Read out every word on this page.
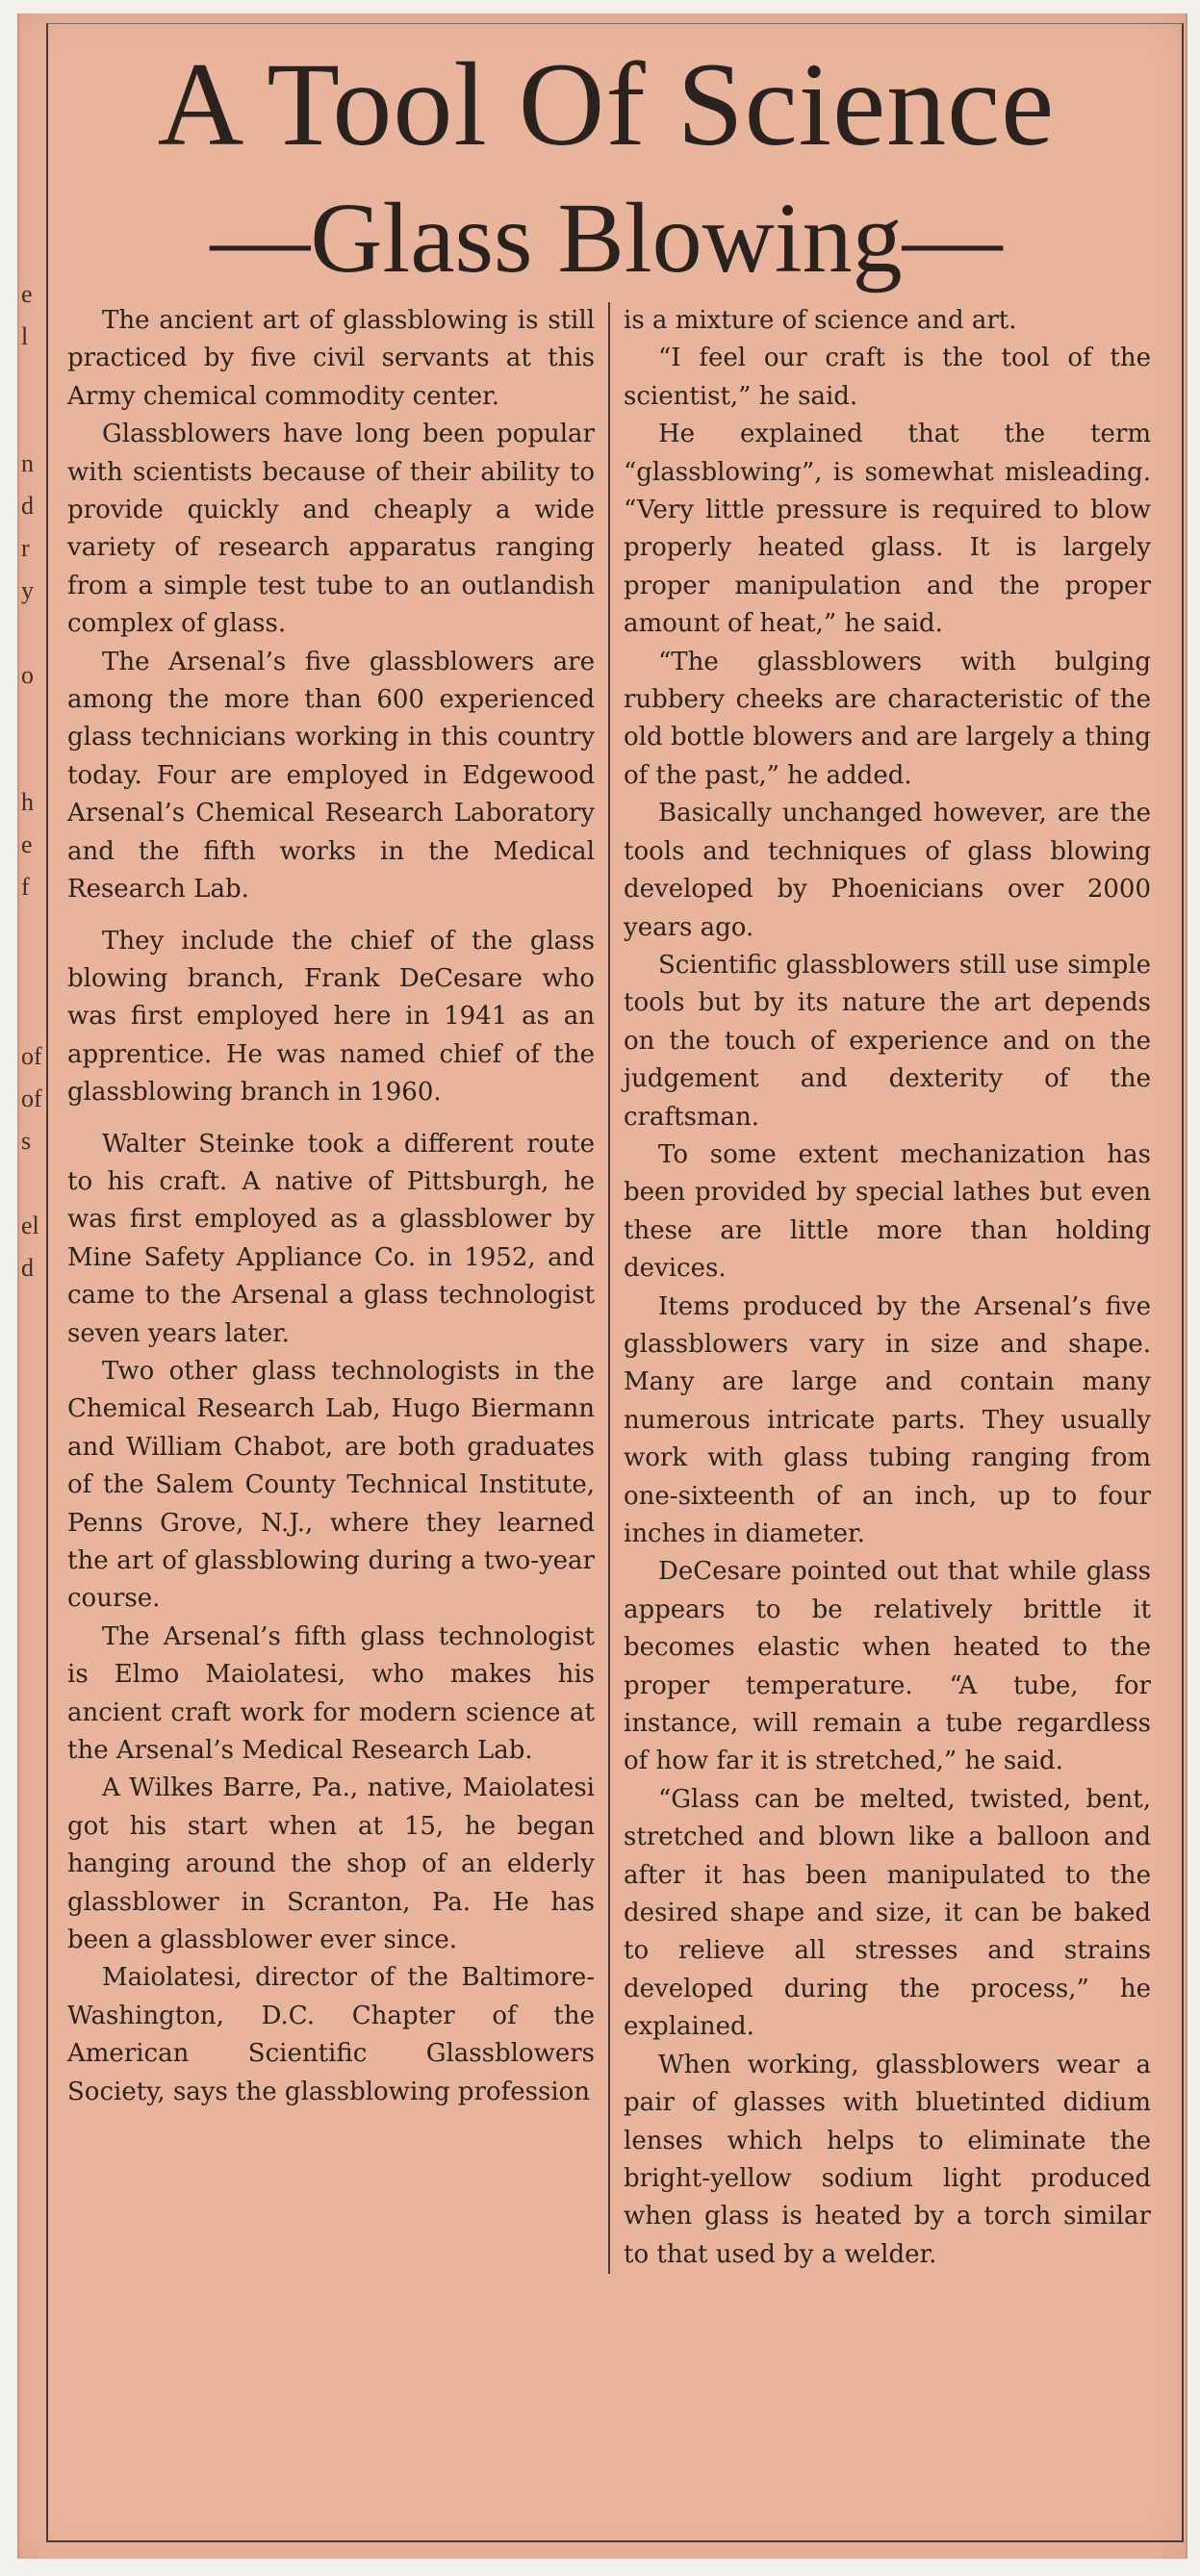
e
l
n
d
r
y
o
h
e
f
of
of
s
el
d
A Tool Of Science
—Glass Blowing—

The ancient art of glassblowing is still practiced by five civil servants at this Army chemical commodity center.

Glassblowers have long been popular with scientists because of their ability to provide quickly and cheaply a wide variety of research apparatus ranging from a simple test tube to an outlandish complex of glass.

The Arsenal’s five glassblowers are among the more than 600 experienced glass technicians working in this country today. Four are employed in Edgewood Arsenal’s Chemical Research Laboratory and the fifth works in the Medical Research Lab.

They include the chief of the glass blowing branch, Frank DeCesare who was first employed here in 1941 as an apprentice. He was named chief of the glassblowing branch in 1960.

Walter Steinke took a different route to his craft. A native of Pittsburgh, he was first employed as a glassblower by Mine Safety Appliance Co. in 1952, and came to the Arsenal a glass technologist seven years later.

Two other glass technologists in the Chemical Research Lab, Hugo Biermann and William Chabot, are both graduates of the Salem County Technical Institute, Penns Grove, N.J., where they learned the art of glassblowing during a two-year course.

The Arsenal’s fifth glass technologist is Elmo Maiolatesi, who makes his ancient craft work for modern science at the Arsenal’s Medical Research Lab.

A Wilkes Barre, Pa., native, Maiolatesi got his start when at 15, he began hanging around the shop of an elderly glassblower in Scranton, Pa. He has been a glassblower ever since.

Maiolatesi, director of the Baltimore-Washington, D.C. Chapter of the American Scientific Glassblowers Society, says the glassblowing profession

is a mixture of science and art.

“I feel our craft is the tool of the scientist,” he said.

He explained that the term “glassblowing”, is somewhat misleading. “Very little pressure is required to blow properly heated glass. It is largely proper manipulation and the proper amount of heat,” he said.

“The glassblowers with bulging rubbery cheeks are characteristic of the old bottle blowers and are largely a thing of the past,” he added.

Basically unchanged however, are the tools and techniques of glass blowing developed by Phoenicians over 2000 years ago.

Scientific glassblowers still use simple tools but by its nature the art depends on the touch of experience and on the judgement and dexterity of the craftsman.

To some extent mechanization has been provided by special lathes but even these are little more than holding devices.

Items produced by the Arsenal’s five glassblowers vary in size and shape. Many are large and contain many numerous intricate parts. They usually work with glass tubing ranging from one-sixteenth of an inch, up to four inches in diameter.

DeCesare pointed out that while glass appears to be relatively brittle it becomes elastic when heated to the proper temperature. “A tube, for instance, will remain a tube regardless of how far it is stretched,” he said.

“Glass can be melted, twisted, bent, stretched and blown like a balloon and after it has been manipulated to the desired shape and size, it can be baked to relieve all stresses and strains developed during the process,” he explained.

When working, glassblowers wear a pair of glasses with bluetinted didium lenses which helps to eliminate the bright-yellow sodium light produced when glass is heated by a torch similar to that used by a welder.
